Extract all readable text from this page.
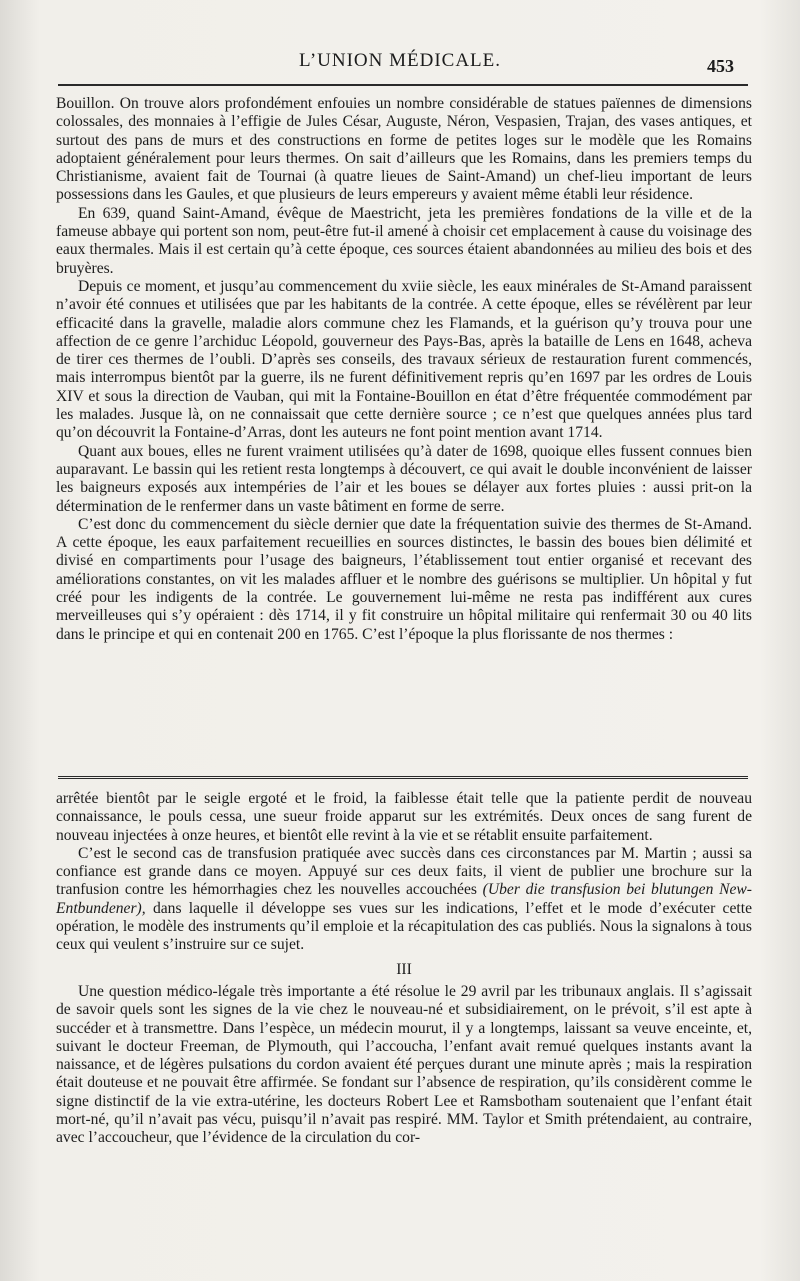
L’UNION MÉDICALE.	453

Bouillon. On trouve alors profondément enfouies un nombre considérable de statues païennes de dimensions colossales, des monnaies à l’effigie de Jules César, Auguste, Néron, Vespasien, Trajan, des vases antiques, et surtout des pans de murs et des constructions en forme de petites loges sur le modèle que les Romains adoptaient généralement pour leurs thermes. On sait d’ailleurs que les Romains, dans les premiers temps du Christianisme, avaient fait de Tournai (à quatre lieues de Saint-Amand) un chef-lieu important de leurs possessions dans les Gaules, et que plusieurs de leurs empereurs y avaient même établi leur résidence.

En 639, quand Saint-Amand, évêque de Maestricht, jeta les premières fondations de la ville et de la fameuse abbaye qui portent son nom, peut-être fut-il amené à choisir cet emplacement à cause du voisinage des eaux thermales. Mais il est certain qu’à cette époque, ces sources étaient abandonnées au milieu des bois et des bruyères.

Depuis ce moment, et jusqu’au commencement du xviie siècle, les eaux minérales de St-Amand paraissent n’avoir été connues et utilisées que par les habitants de la contrée. A cette époque, elles se révélèrent par leur efficacité dans la gravelle, maladie alors commune chez les Flamands, et la guérison qu’y trouva pour une affection de ce genre l’archiduc Léopold, gouverneur des Pays-Bas, après la bataille de Lens en 1648, acheva de tirer ces thermes de l’oubli. D’après ses conseils, des travaux sérieux de restauration furent commencés, mais interrompus bientôt par la guerre, ils ne furent définitivement repris qu’en 1697 par les ordres de Louis XIV et sous la direction de Vauban, qui mit la Fontaine-Bouillon en état d’être fréquentée commodément par les malades. Jusque là, on ne connaissait que cette dernière source ; ce n’est que quelques années plus tard qu’on découvrit la Fontaine-d’Arras, dont les auteurs ne font point mention avant 1714.

Quant aux boues, elles ne furent vraiment utilisées qu’à dater de 1698, quoique elles fussent connues bien auparavant. Le bassin qui les retient resta longtemps à découvert, ce qui avait le double inconvénient de laisser les baigneurs exposés aux intempéries de l’air et les boues se délayer aux fortes pluies : aussi prit-on la détermination de le renfermer dans un vaste bâtiment en forme de serre.

C’est donc du commencement du siècle dernier que date la fréquentation suivie des thermes de St-Amand. A cette époque, les eaux parfaitement recueillies en sources distinctes, le bassin des boues bien délimité et divisé en compartiments pour l’usage des baigneurs, l’établissement tout entier organisé et recevant des améliorations constantes, on vit les malades affluer et le nombre des guérisons se multiplier. Un hôpital y fut créé pour les indigents de la contrée. Le gouvernement lui-même ne resta pas indifférent aux cures merveilleuses qui s’y opéraient : dès 1714, il y fit construire un hôpital militaire qui renfermait 30 ou 40 lits dans le principe et qui en contenait 200 en 1765. C’est l’époque la plus florissante de nos thermes :

arrêtée bientôt par le seigle ergoté et le froid, la faiblesse était telle que la patiente perdit de nouveau connaissance, le pouls cessa, une sueur froide apparut sur les extrémités. Deux onces de sang furent de nouveau injectées à onze heures, et bientôt elle revint à la vie et se rétablit ensuite parfaitement.

C’est le second cas de transfusion pratiquée avec succès dans ces circonstances par M. Martin ; aussi sa confiance est grande dans ce moyen. Appuyé sur ces deux faits, il vient de publier une brochure sur la tranfusion contre les hémorrhagies chez les nouvelles accouchées (Uber die transfusion bei blutungen New-Entbundener), dans laquelle il développe ses vues sur les indications, l’effet et le mode d’exécuter cette opération, le modèle des instruments qu’il emploie et la récapitulation des cas publiés. Nous la signalons à tous ceux qui veulent s’instruire sur ce sujet.

III

Une question médico-légale très importante a été résolue le 29 avril par les tribunaux anglais. Il s’agissait de savoir quels sont les signes de la vie chez le nouveau-né et subsidiairement, on le prévoit, s’il est apte à succéder et à transmettre. Dans l’espèce, un médecin mourut, il y a longtemps, laissant sa veuve enceinte, et, suivant le docteur Freeman, de Plymouth, qui l’accoucha, l’enfant avait remué quelques instants avant la naissance, et de légères pulsations du cordon avaient été perçues durant une minute après ; mais la respiration était douteuse et ne pouvait être affirmée. Se fondant sur l’absence de respiration, qu’ils considèrent comme le signe distinctif de la vie extra-utérine, les docteurs Robert Lee et Ramsbotham soutenaient que l’enfant était mort-né, qu’il n’avait pas vécu, puisqu’il n’avait pas respiré. MM. Taylor et Smith prétendaient, au contraire, avec l’accoucheur, que l’évidence de la circulation du cor-
